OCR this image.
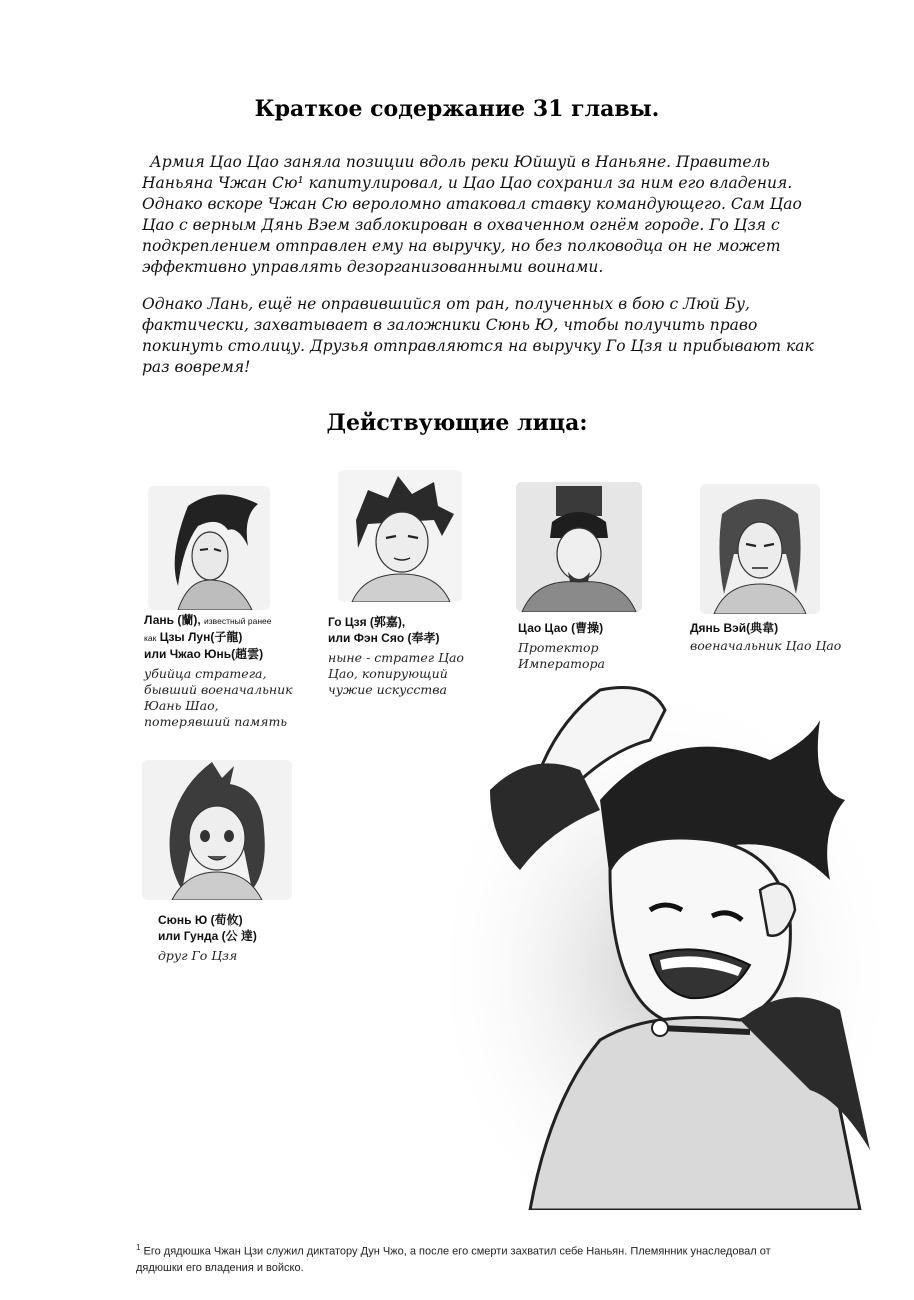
Краткое содержание 31 главы.

Армия Цао Цао заняла позиции вдоль реки Юйшуй в Наньяне. Правитель Наньяна Чжан Сю¹ капитулировал, и Цао Цао сохранил за ним его владения. Однако вскоре Чжан Сю вероломно атаковал ставку командующего. Сам Цао Цао с верным Дянь Вэем заблокирован в охваченном огнём городе. Го Цзя с подкреплением отправлен ему на выручку, но без полководца он не может эффективно управлять дезорганизованными воинами.

Однако Лань, ещё не оправившийся от ран, полученных в бою с Люй Бу, фактически, захватывает в заложники Сюнь Ю, чтобы получить право покинуть столицу. Друзья отправляются на выручку Го Цзя и прибывают как раз вовремя!

Действующие лица:
Лань (蘭), известный ранее
как Цзы Лун(子龍)
или Чжао Юнь(趙雲)
убийца стратега, бывший военачальник Юань Шао, потерявший память
Го Цзя (郭嘉),
или Фэн Сяо (奉孝)
ныне - стратег Цао Цао, копирующий чужие искусства
Цао Цао (曹操)
Протектор Императора
Дянь Вэй(典韋)
военачальник Цао Цао
Сюнь Ю (荀攸)
или Гунда (公 達)
друг Го Цзя
$^1$ Его дядюшка Чжан Цзи служил диктатору Дун Чжо, а после его смерти захватил себе Наньян. Племянник унаследовал от дядюшки его владения и войско.
